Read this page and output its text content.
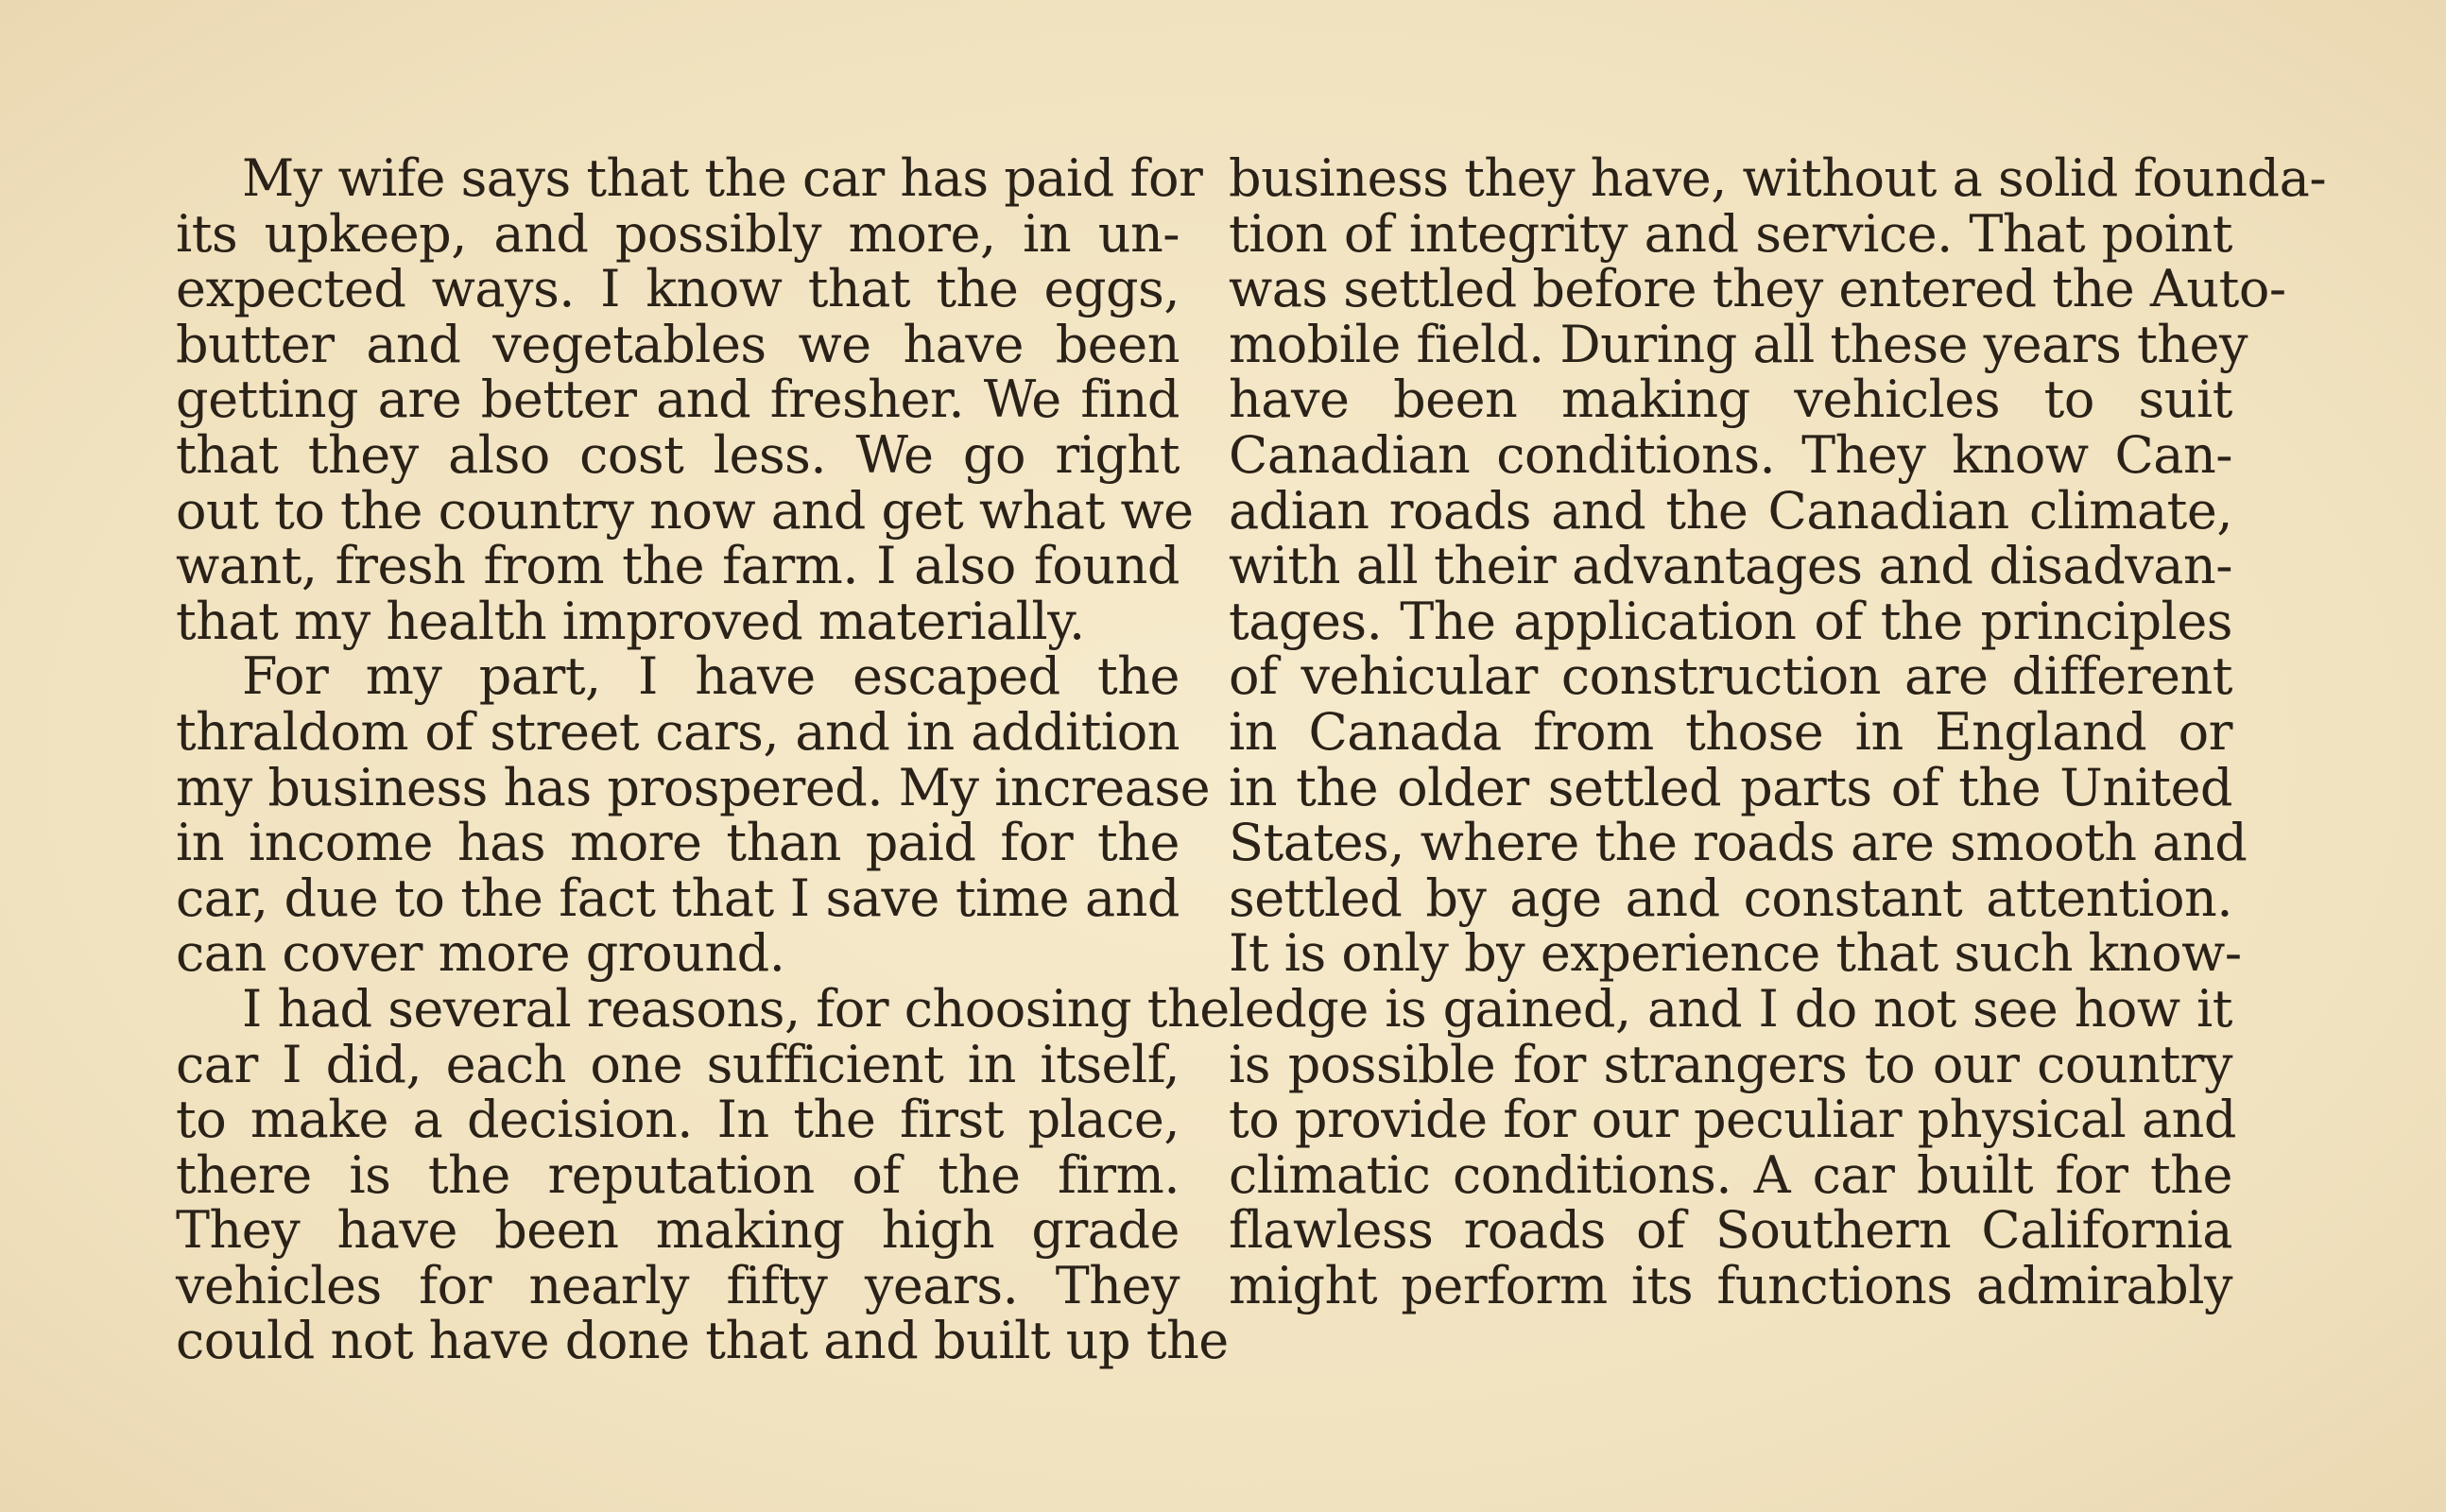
My wife says that the car has paid for
its upkeep, and possibly more, in un-
expected ways. I know that the eggs,
butter and vegetables we have been
getting are better and fresher. We find
that they also cost less. We go right
out to the country now and get what we
want, fresh from the farm. I also found
that my health improved materially.
For my part, I have escaped the
thraldom of street cars, and in addition
my business has prospered. My increase
in income has more than paid for the
car, due to the fact that I save time and
can cover more ground.
I had several reasons, for choosing the
car I did, each one sufficient in itself,
to make a decision. In the first place,
there is the reputation of the firm.
They have been making high grade
vehicles for nearly fifty years. They
could not have done that and built up the
business they have, without a solid founda-
tion of integrity and service. That point
was settled before they entered the Auto-
mobile field. During all these years they
have been making vehicles to suit
Canadian conditions. They know Can-
adian roads and the Canadian climate,
with all their advantages and disadvan-
tages. The application of the principles
of vehicular construction are different
in Canada from those in England or
in the older settled parts of the United
States, where the roads are smooth and
settled by age and constant attention.
It is only by experience that such know-
ledge is gained, and I do not see how it
is possible for strangers to our country
to provide for our peculiar physical and
climatic conditions. A car built for the
flawless roads of Southern California
might perform its functions admirably
